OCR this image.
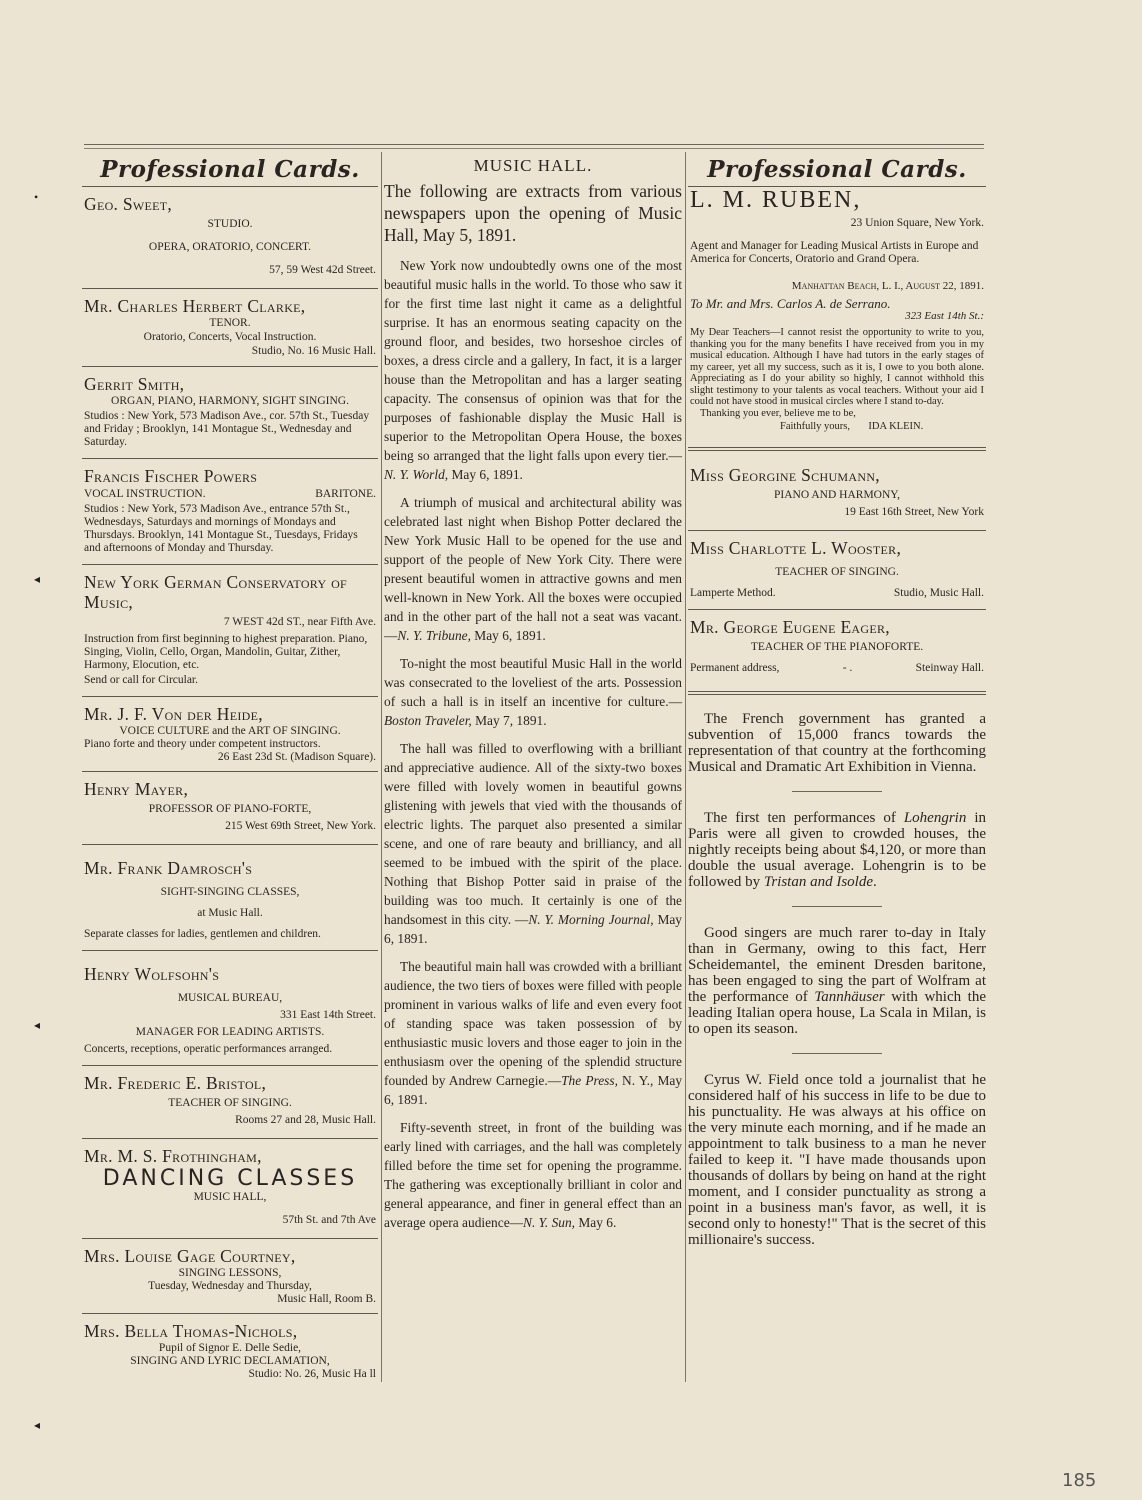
•
◂
◂
◂
Professional Cards.
Geo. Sweet,
STUDIO.
OPERA, ORATORIO, CONCERT.
57, 59 West 42d Street.
Mr. Charles Herbert Clarke,
TENOR.
Oratorio, Concerts, Vocal Instruction.
Studio, No. 16 Music Hall.
Gerrit Smith,
ORGAN, PIANO, HARMONY, SIGHT SINGING.
Studios : New York, 573 Madison Ave., cor. 57th St., Tuesday and Friday ; Brooklyn, 141 Montague St., Wednesday and Saturday.
Francis Fischer Powers
VOCAL INSTRUCTION.	BARITONE.
Studios : New York, 573 Madison Ave., entrance 57th St., Wednesdays, Saturdays and mornings of Mondays and Thursdays. Brooklyn, 141 Montague St., Tuesdays, Fridays and afternoons of Monday and Thursday.
New York German Conservatory of Music,
7 WEST 42d ST., near Fifth Ave.
Instruction from first beginning to highest preparation. Piano, Singing, Violin, Cello, Organ, Mandolin, Guitar, Zither, Harmony, Elocution, etc.
Send or call for Circular.
Mr. J. F. Von der Heide,
VOICE CULTURE and the ART OF SINGING.
Piano forte and theory under competent instructors.
26 East 23d St. (Madison Square).
Henry Mayer,
PROFESSOR OF PIANO-FORTE,
215 West 69th Street, New York.
Mr. Frank Damrosch's
SIGHT-SINGING CLASSES,
at Music Hall.
Separate classes for ladies, gentlemen and children.
Henry Wolfsohn's
MUSICAL BUREAU,
331 East 14th Street.
MANAGER FOR LEADING ARTISTS.
Concerts, receptions, operatic performances arranged.
Mr. Frederic E. Bristol,
TEACHER OF SINGING.
Rooms 27 and 28, Music Hall.
Mr. M. S. Frothingham,
DANCING CLASSES
MUSIC HALL,
57th St. and 7th Ave
Mrs. Louise Gage Courtney,
SINGING LESSONS,
Tuesday, Wednesday and Thursday,
Music Hall, Room B.
Mrs. Bella Thomas-Nichols,
Pupil of Signor E. Delle Sedie,
SINGING AND LYRIC DECLAMATION,
Studio: No. 26, Music Ha ll
MUSIC HALL.
The following are extracts from various newspapers upon the opening of Music Hall, May 5, 1891.
New York now undoubtedly owns one of the most beautiful music halls in the world. To those who saw it for the first time last night it came as a delightful surprise. It has an enormous seating capacity on the ground floor, and besides, two horseshoe circles of boxes, a dress circle and a gallery, In fact, it is a larger house than the Metropolitan and has a larger seating capacity. The consensus of opinion was that for the purposes of fashionable display the Music Hall is superior to the Metropolitan Opera House, the boxes being so arranged that the light falls upon every tier.—N. Y. World, May 6, 1891.
A triumph of musical and architectural ability was celebrated last night when Bishop Potter declared the New York Music Hall to be opened for the use and support of the people of New York City. There were present beautiful women in attractive gowns and men well-known in New York. All the boxes were occupied and in the other part of the hall not a seat was vacant.—N. Y. Tribune, May 6, 1891.
To-night the most beautiful Music Hall in the world was consecrated to the loveliest of the arts. Possession of such a hall is in itself an incentive for culture.—Boston Traveler, May 7, 1891.
The hall was filled to overflowing with a brilliant and appreciative audience. All of the sixty-two boxes were filled with lovely women in beautiful gowns glistening with jewels that vied with the thousands of electric lights. The parquet also presented a similar scene, and one of rare beauty and brilliancy, and all seemed to be imbued with the spirit of the place. Nothing that Bishop Potter said in praise of the building was too much. It certainly is one of the handsomest in this city. —N. Y. Morning Journal, May 6, 1891.
The beautiful main hall was crowded with a brilliant audience, the two tiers of boxes were filled with people prominent in various walks of life and even every foot of standing space was taken possession of by enthusiastic music lovers and those eager to join in the enthusiasm over the opening of the splendid structure founded by Andrew Carnegie.—The Press, N. Y., May 6, 1891.
Fifty-seventh street, in front of the building was early lined with carriages, and the hall was completely filled before the time set for opening the programme. The gathering was exceptionally brilliant in color and general appearance, and finer in general effect than an average opera audience—N. Y. Sun, May 6.
Professional Cards.
L. M. RUBEN,
23 Union Square, New York.
Agent and Manager for Leading Musical Artists in Europe and America for Concerts, Oratorio and Grand Opera.
Manhattan Beach, L. I., August 22, 1891.
To Mr. and Mrs. Carlos A. de Serrano.
323 East 14th St.:
My Dear Teachers—I cannot resist the opportunity to write to you, thanking you for the many benefits I have received from you in my musical education. Although I have had tutors in the early stages of my career, yet all my success, such as it is, I owe to you both alone. Appreciating as I do your ability so highly, I cannot withhold this slight testimony to your talents as vocal teachers. Without your aid I could not have stood in musical circles where I stand to-day.
Thanking you ever, believe me to be,
Faithfully yours, IDA KLEIN.
Miss Georgine Schumann,
PIANO AND HARMONY,
19 East 16th Street, New York
Miss Charlotte L. Wooster,
TEACHER OF SINGING.
Lamperte Method.	Studio, Music Hall.
Mr. George Eugene Eager,
TEACHER OF THE PIANOFORTE.
Permanent address,	- .	Steinway Hall.
The French government has granted a subvention of 15,000 francs towards the representation of that country at the forthcoming Musical and Dramatic Art Exhibition in Vienna.
The first ten performances of Lohengrin in Paris were all given to crowded houses, the nightly receipts being about $4,120, or more than double the usual average. Lohengrin is to be followed by Tristan and Isolde.
Good singers are much rarer to-day in Italy than in Germany, owing to this fact, Herr Scheidemantel, the eminent Dresden baritone, has been engaged to sing the part of Wolfram at the performance of Tannhäuser with which the leading Italian opera house, La Scala in Milan, is to open its season.
Cyrus W. Field once told a journalist that he considered half of his success in life to be due to his punctuality. He was always at his office on the very minute each morning, and if he made an appointment to talk business to a man he never failed to keep it. "I have made thousands upon thousands of dollars by being on hand at the right moment, and I consider punctuality as strong a point in a business man's favor, as well, it is second only to honesty!" That is the secret of this millionaire's success.
185
